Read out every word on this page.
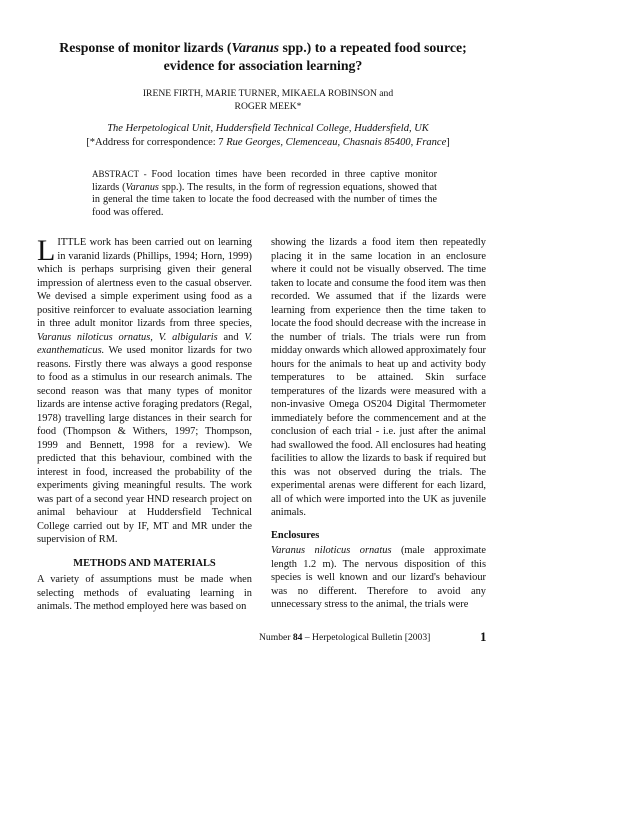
Response of monitor lizards (Varanus spp.) to a repeated food source;
evidence for association learning?
IRENE FIRTH, MARIE TURNER, MIKAELA ROBINSON and
ROGER MEEK*
The Herpetological Unit, Huddersfield Technical College, Huddersfield, UK
[*Address for correspondence: 7 Rue Georges, Clemenceau, Chasnais 85400, France]
ABSTRACT - Food location times have been recorded in three captive monitor lizards (Varanus spp.). The results, in the form of regression equations, showed that in general the time taken to locate the food decreased with the number of times the food was offered.

LITTLE work has been carried out on learning in varanid lizards (Phillips, 1994; Horn, 1999) which is perhaps surprising given their general impression of alertness even to the casual observer. We devised a simple experiment using food as a positive reinforcer to evaluate association learning in three adult monitor lizards from three species, Varanus niloticus ornatus, V. albigularis and V. exanthematicus. We used monitor lizards for two reasons. Firstly there was always a good response to food as a stimulus in our research animals. The second reason was that many types of monitor lizards are intense active foraging predators (Regal, 1978) travelling large distances in their search for food (Thompson & Withers, 1997; Thompson, 1999 and Bennett, 1998 for a review). We predicted that this behaviour, combined with the interest in food, increased the probability of the experiments giving meaningful results. The work was part of a second year HND research project on animal behaviour at Huddersfield Technical College carried out by IF, MT and MR under the supervision of RM.

METHODS AND MATERIALS

A variety of assumptions must be made when selecting methods of evaluating learning in animals. The method employed here was based on

showing the lizards a food item then repeatedly placing it in the same location in an enclosure where it could not be visually observed. The time taken to locate and consume the food item was then recorded. We assumed that if the lizards were learning from experience then the time taken to locate the food should decrease with the increase in the number of trials. The trials were run from midday onwards which allowed approximately four hours for the animals to heat up and activity body temperatures to be attained. Skin surface temperatures of the lizards were measured with a non-invasive Omega OS204 Digital Thermometer immediately before the commencement and at the conclusion of each trial - i.e. just after the animal had swallowed the food. All enclosures had heating facilities to allow the lizards to bask if required but this was not observed during the trials. The experimental arenas were different for each lizard, all of which were imported into the UK as juvenile animals.

Enclosures

Varanus niloticus ornatus (male approximate length 1.2 m). The nervous disposition of this species is well known and our lizard's behaviour was no different. Therefore to avoid any unnecessary stress to the animal, the trials were

Number 84 – Herpetological Bulletin [2003]	1
